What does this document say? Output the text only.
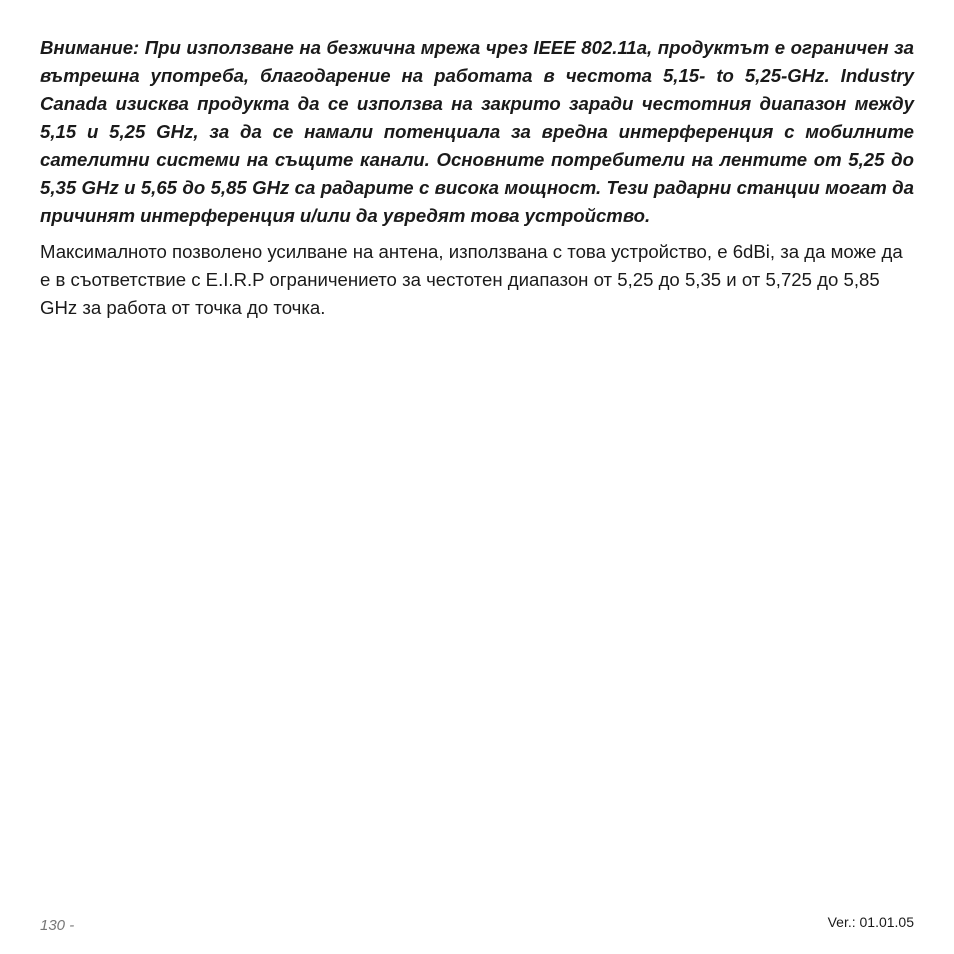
Внимание: При използване на безжична мрежа чрез IEEE 802.11a, продуктът е ограничен за вътрешна употреба, благодарение на работата в честота 5,15- to 5,25-GHz. Industry Canada изисква продукта да се използва на закрито заради честотния диапазон между 5,15 и 5,25 GHz, за да се намали потенциала за вредна интерференция с мобилните сателитни системи на същите канали. Основните потребители на лентите от 5,25 до 5,35 GHz и 5,65 до 5,85 GHz са радарите с висока мощност. Тези радарни станции могат да причинят интерференция и/или да увредят това устройство.

Максималното позволено усилване на антена, използвана с това устройство, е 6dBi, за да може да е в съответствие с E.I.R.P ограничението за честотен диапазон от 5,25 до 5,35 и от 5,725 до 5,85 GHz за работа от точка до точка.

130 -	Ver.: 01.01.05
